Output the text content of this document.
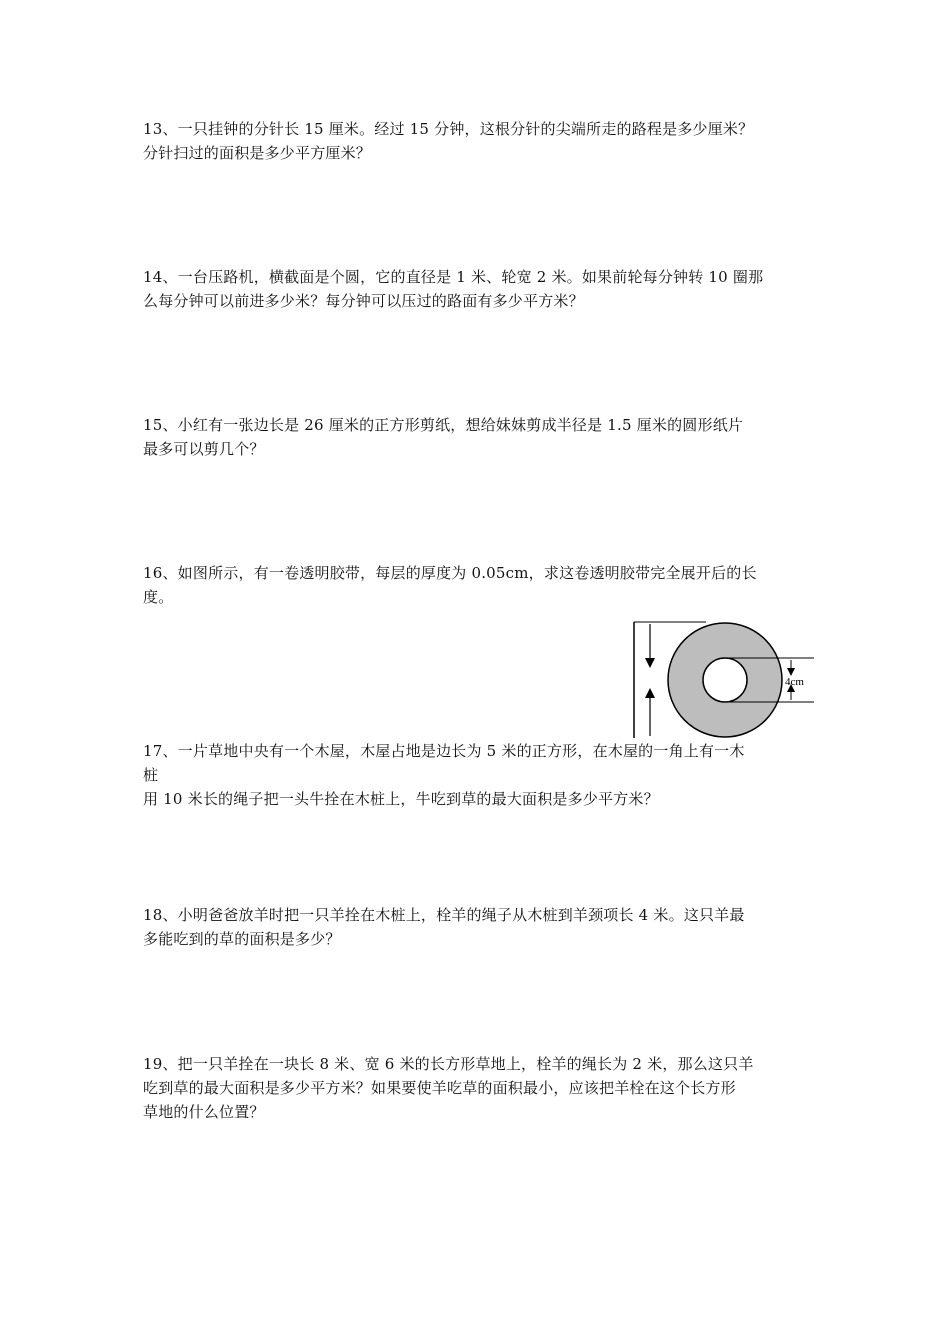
13、一只挂钟的分针长 15 厘米。经过 15 分钟，这根分针的尖端所走的路程是多少厘米？

分针扫过的面积是多少平方厘米？

14、一台压路机，横截面是个圆，它的直径是 1 米、轮宽 2 米。如果前轮每分钟转 10 圈那

么每分钟可以前进多少米？每分钟可以压过的路面有多少平方米？

15、小红有一张边长是 26 厘米的正方形剪纸，想给妹妹剪成半径是 1.5 厘米的圆形纸片

最多可以剪几个？

16、如图所示，有一卷透明胶带，每层的厚度为 0.05cm，求这卷透明胶带完全展开后的长

度。

4cm

17、一片草地中央有一个木屋，木屋占地是边长为 5 米的正方形，在木屋的一角上有一木

桩

用 10 米长的绳子把一头牛拴在木桩上，牛吃到草的最大面积是多少平方米？

18、小明爸爸放羊时把一只羊拴在木桩上，栓羊的绳子从木桩到羊颈项长 4 米。这只羊最

多能吃到的草的面积是多少？

19、把一只羊拴在一块长 8 米、宽 6 米的长方形草地上，栓羊的绳长为 2 米，那么这只羊

吃到草的最大面积是多少平方米？如果要使羊吃草的面积最小，应该把羊栓在这个长方形

草地的什么位置？
